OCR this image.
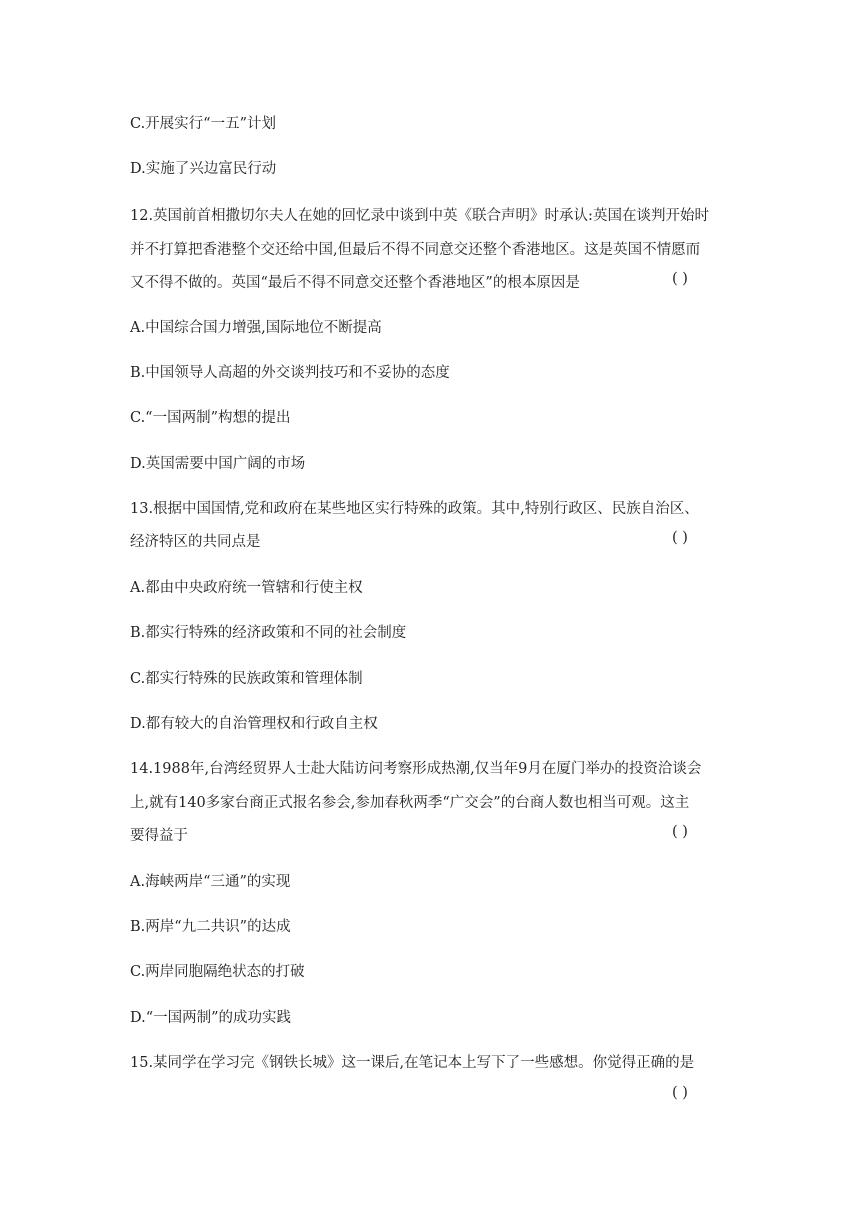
C.开展实行“一五”计划
D.实施了兴边富民行动
12.英国前首相撒切尔夫人在她的回忆录中谈到中英《联合声明》时承认:英国在谈判开始时
并不打算把香港整个交还给中国,但最后不得不同意交还整个香港地区。这是英国不情愿而
又不得不做的。英国“最后不得不同意交还整个香港地区”的根本原因是	( )
A.中国综合国力增强,国际地位不断提高
B.中国领导人高超的外交谈判技巧和不妥协的态度
C.“一国两制”构想的提出
D.英国需要中国广阔的市场
13.根据中国国情,党和政府在某些地区实行特殊的政策。其中,特别行政区、民族自治区、
经济特区的共同点是	( )
A.都由中央政府统一管辖和行使主权
B.都实行特殊的经济政策和不同的社会制度
C.都实行特殊的民族政策和管理体制
D.都有较大的自治管理权和行政自主权
14.1988年,台湾经贸界人士赴大陆访问考察形成热潮,仅当年9月在厦门举办的投资洽谈会
上,就有140多家台商正式报名参会,参加春秋两季“广交会”的台商人数也相当可观。这主
要得益于	( )
A.海峡两岸“三通”的实现
B.两岸“九二共识”的达成
C.两岸同胞隔绝状态的打破
D.“一国两制”的成功实践
15.某同学在学习完《钢铁长城》这一课后,在笔记本上写下了一些感想。你觉得正确的是
( )
